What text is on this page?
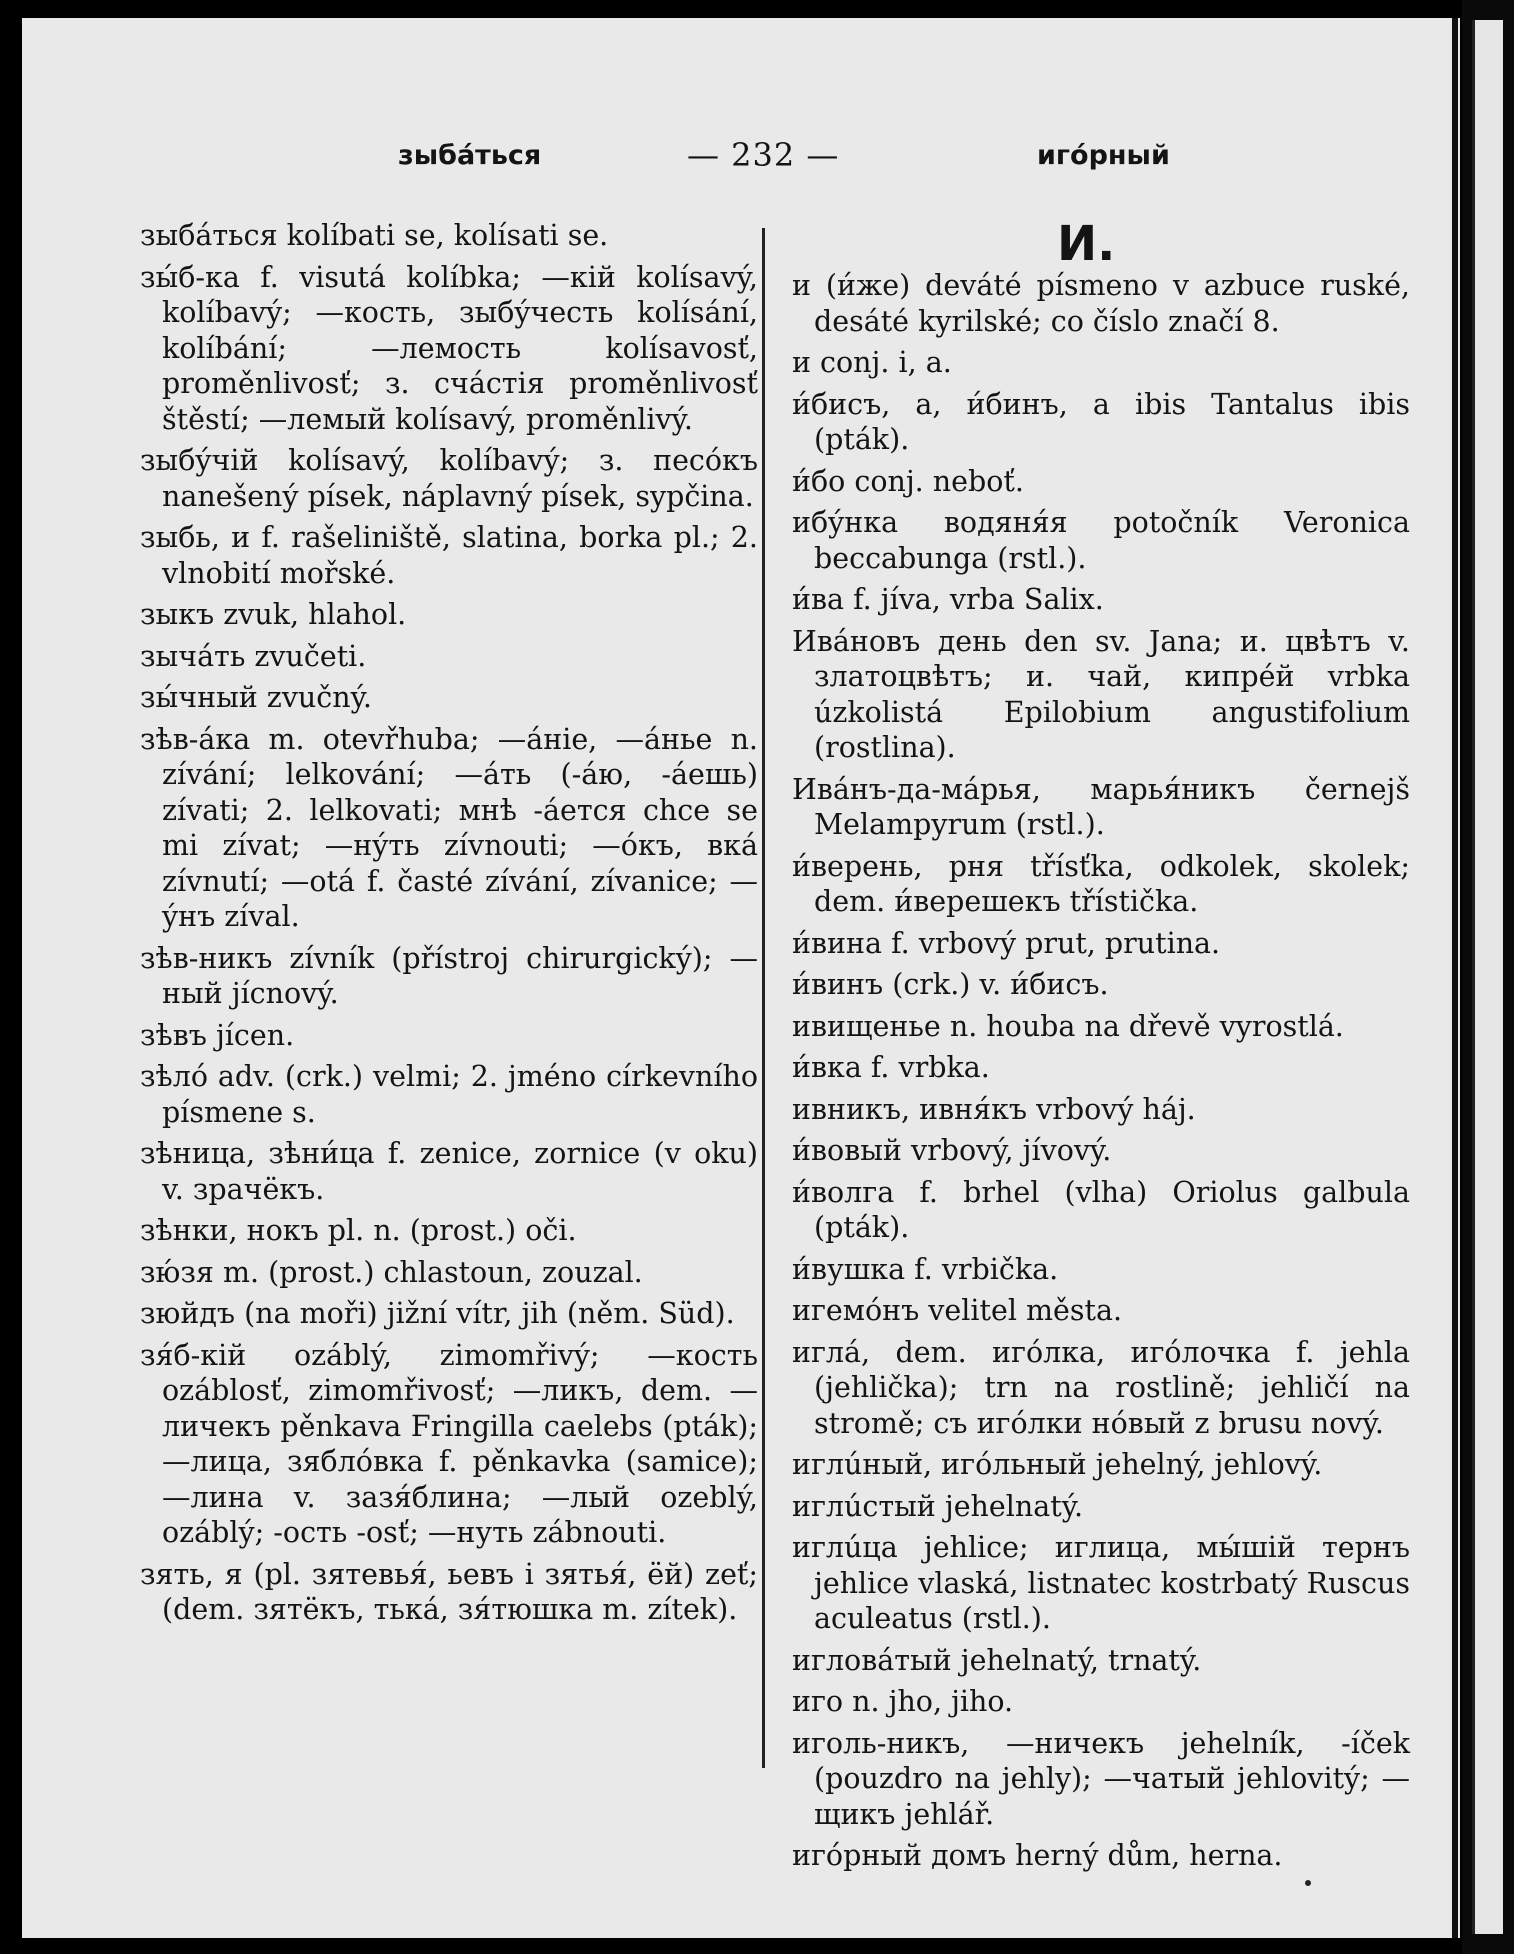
зыбáться	— 232 —	игóрный

зыбáться kolíbati se, kolísati se.

зы́б-ка f. visutá kolíbka; —кій kolísavý, kolíbavý; —кость, зыбýчесть kolísání, kolíbání; —лемость kolísavosť, proměnlivosť; з. счáстія proměnlivosť štěstí; —лемый kolísavý, proměnlivý.

зыбýчій kolísavý, kolíbavý; з. песóкъ nanešený písek, náplavný písek, sypčina.

зыбь, и f. rašeliniště, slatina, borka pl.; 2. vlnobití mořské.

зыкъ zvuk, hlahol.

зычáть zvučeti.

зы́чный zvučný.

зѣв-áка m. otevřhuba; —áніе, —áнье n. zívání; lelkování; —áть (-áю, -áешь) zívati; 2. lelkovati; мнѣ -áется chce se mi zívat; —нýть zívnouti; —óкъ, вкá zívnutí; —otá f. časté zívání, zívanice; —ýнъ zíval.

зѣв-никъ zívník (přístroj chirurgický); —ный jícnový.

зѣвъ jícen.

зѣлó adv. (crk.) velmi; 2. jméno církevního písmene ѕ.

зѣница, зѣни́ца f. zenice, zornice (v oku) v. зрачёкъ.

зѣнки, нокъ pl. n. (prost.) oči.

зю́зя m. (prost.) chlastoun, zouzal.

зюйдъ (na moři) jižní vítr, jih (něm. Süd).

зя́б-кій ozáblý, zimomřivý; —кость ozáblosť, zimomřivosť; —ликъ, dem. —личекъ pěnkava Fringilla caelebs (pták); —лица, зяблóвка f. pěnkavka (samice); —лина v. зазя́блина; —лый ozeblý, ozáblý; -ость -osť; —нуть zábnouti.

зять, я (pl. зятевья́, ьевъ і зятья́, ёй) zeť; (dem. зятёкъ, тькá, зя́тюшка m. zítek).

И.

и (и́же) deváté písmeno v azbuce ruské, desáté kyrilské; co číslo značí 8.

и conj. i, a.

и́бисъ, а, и́бинъ, а ibis Tantalus ibis (pták).

и́бо conj. neboť.

ибýнка водяня́я potočník Veronica beccabunga (rstl.).

и́ва f. jíva, vrba Salix.

Ивáновъ день den sv. Jana; и. цвѣтъ v. златоцвѣтъ; и. чай, кипрéй vrbka úzkolistá Epilobium angustifolium (rostlina).

Ивáнъ-да-мáрья, марья́никъ černejš Melampyrum (rstl.).

и́верень, рня třísťka, odkolek, skolek; dem. и́верешекъ třístička.

и́вина f. vrbový prut, prutina.

и́винъ (crk.) v. и́бисъ.

ивищенье n. houba na dřevě vyrostlá.

и́вка f. vrbka.

ивникъ, ивня́къ vrbový háj.

и́вовый vrbový, jívový.

и́волга f. brhel (vlha) Oriolus galbula (pták).

и́вушка f. vrbička.

игемóнъ velitel města.

иглá, dem. игóлка, игóлочка f. jehla (jehlička); trn na rostlině; jehličí na stromě; съ игóлки нóвый z brusu nový.

иглúный, игóльный jehelný, jehlový.

иглúстый jehelnatý.

иглúца jehlice; иглица, мы́шій тернъ jehlice vlaská, listnatec kostrbatý Ruscus aculeatus (rstl.).

игловáтый jehelnatý, trnatý.

иго n. jho, jiho.

иголь-никъ, —ничекъ jehelník, -íček (pouzdro na jehly); —чатый jehlovitý; —щикъ jehlář.

игóрный домъ herný dům, herna.
